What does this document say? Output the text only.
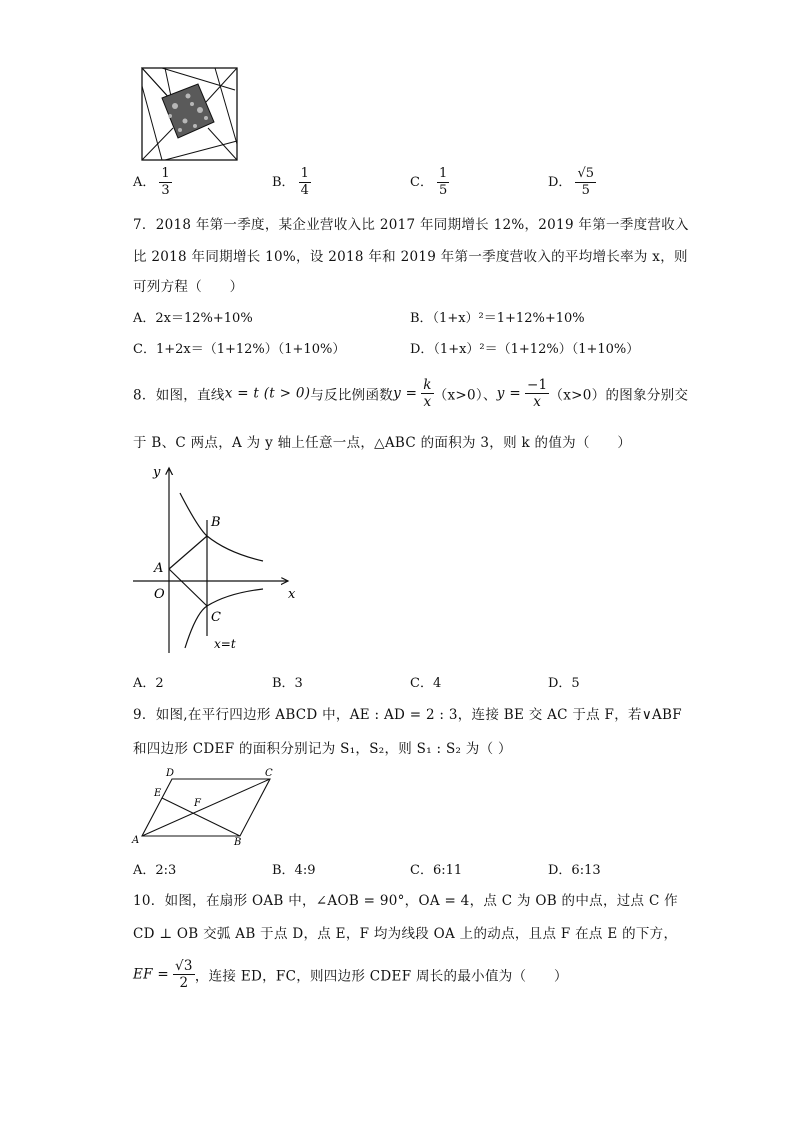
A． $\frac{1}{3}$	B． $\frac{1}{4}$	C． $\frac{1}{5}$	D． $\frac{√5}{5}$
7．2018 年第一季度，某企业营收入比 2017 年同期增长 12%，2019 年第一季度营收入
比 2018 年同期增长 10%，设 2018 年和 2019 年第一季度营收入的平均增长率为 x，则
可列方程（　　）
A．2x＝12%+10%	B．（1+x）²＝1+12%+10%
C．1+2x＝（1+12%）（1+10%）	D．（1+x）²＝（1+12%）（1+10%）
8．如图，直线x = t (t > 0)与反比例函数$y = \frac{k}{x} (x>0)$、$y = \frac{-1}{x} (x>0)$的图象分别交
于 B、C 两点，A 为 y 轴上任意一点，△ABC 的面积为 3，则 k 的值为（　　）
y
x
O
A
B
C
x=t
A．2	B．3	C．4	D．5
9．如图,在平行四边形 ABCD 中，AE : AD = 2 : 3，连接 BE 交 AC 于点 F，若∨ABF
和四边形 CDEF 的面积分别记为 S₁，S₂，则 S₁ : S₂ 为（ ）
A	B
C
D
E
F
A．2:3	B．4:9	C．6:11	D．6:13
10．如图，在扇形 OAB 中，∠AOB = 90°，OA = 4，点 C 为 OB 的中点，过点 C 作
CD ⊥ OB 交弧 AB 于点 D，点 E，F 均为线段 OA 上的动点，且点 F 在点 E 的下方，
EF = $\frac{√3}{2}$ ，连接 ED，FC，则四边形 CDEF 周长的最小值为（　　）
